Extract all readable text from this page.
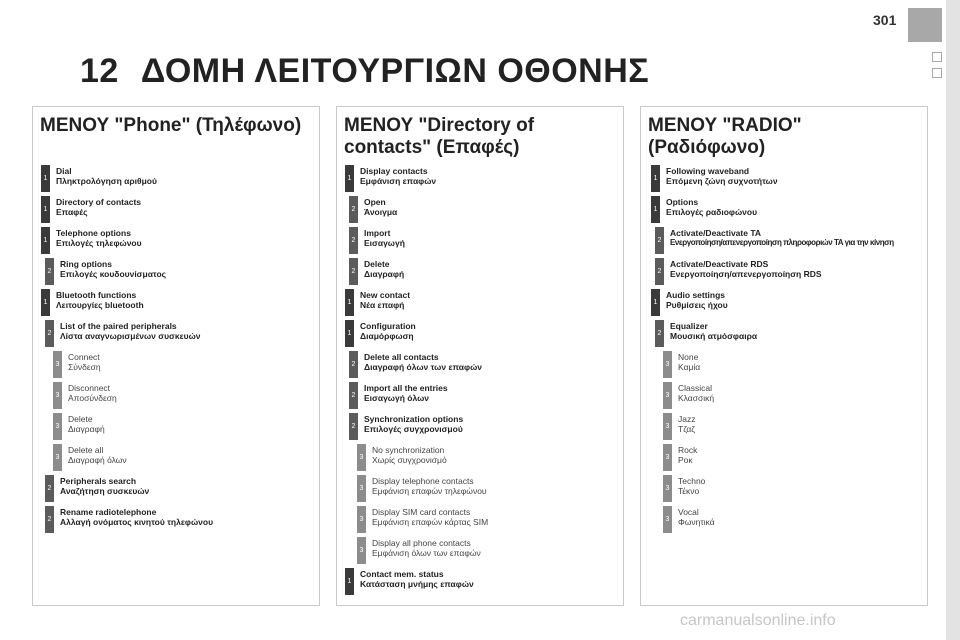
301
12 ΔΟΜΗ ΛΕΙΤΟΥΡΓΙΩΝ ΟΘΟΝΗΣ
ΜΕΝΟΥ "Phone" (Τηλέφωνο)
1
Dial
Πληκτρολόγηση αριθμού
1
Directory of contacts
Επαφές
1
Telephone options
Επιλογές τηλεφώνου
2
Ring options
Επιλογές κουδουνίσματος
1
Bluetooth functions
Λειτουργίες bluetooth
2
List of the paired peripherals
Λίστα αναγνωρισμένων συσκευών
3
Connect
Σύνδεση
3
Disconnect
Αποσύνδεση
3
Delete
Διαγραφή
3
Delete all
Διαγραφή όλων
2
Peripherals search
Αναζήτηση συσκευών
2
Rename radiotelephone
Αλλαγή ονόματος κινητού τηλεφώνου
ΜΕΝΟΥ "Directory of
contacts" (Επαφές)
1
Display contacts
Εμφάνιση επαφών
2
Open
Άνοιγμα
2
Import
Εισαγωγή
2
Delete
Διαγραφή
1
New contact
Νέα επαφή
1
Configuration
Διαμόρφωση
2
Delete all contacts
Διαγραφή όλων των επαφών
2
Import all the entries
Εισαγωγή όλων
2
Synchronization options
Επιλογές συγχρονισμού
3
No synchronization
Χωρίς συγχρονισμό
3
Display telephone contacts
Εμφάνιση επαφών τηλεφώνου
3
Display SIM card contacts
Εμφάνιση επαφών κάρτας SIM
3
Display all phone contacts
Εμφάνιση όλων των επαφών
1
Contact mem. status
Κατάσταση μνήμης επαφών
ΜΕΝΟΥ "RADIO"
(Ραδιόφωνο)
1
Following waveband
Επόμενη ζώνη συχνοτήτων
1
Options
Επιλογές ραδιοφώνου
2
Activate/Deactivate TA
Ενεργοποίηση/απενεργοποίηση πληροφοριών TA για την κίνηση
2
Activate/Deactivate RDS
Ενεργοποίηση/απενεργοποίηση RDS
1
Audio settings
Ρυθμίσεις ήχου
2
Equalizer
Μουσική ατμόσφαιρα
3
None
Καμία
3
Classical
Κλασσική
3
Jazz
Τζαζ
3
Rock
Ροκ
3
Techno
Τέκνο
3
Vocal
Φωνητικά
carmanualsonline.info
